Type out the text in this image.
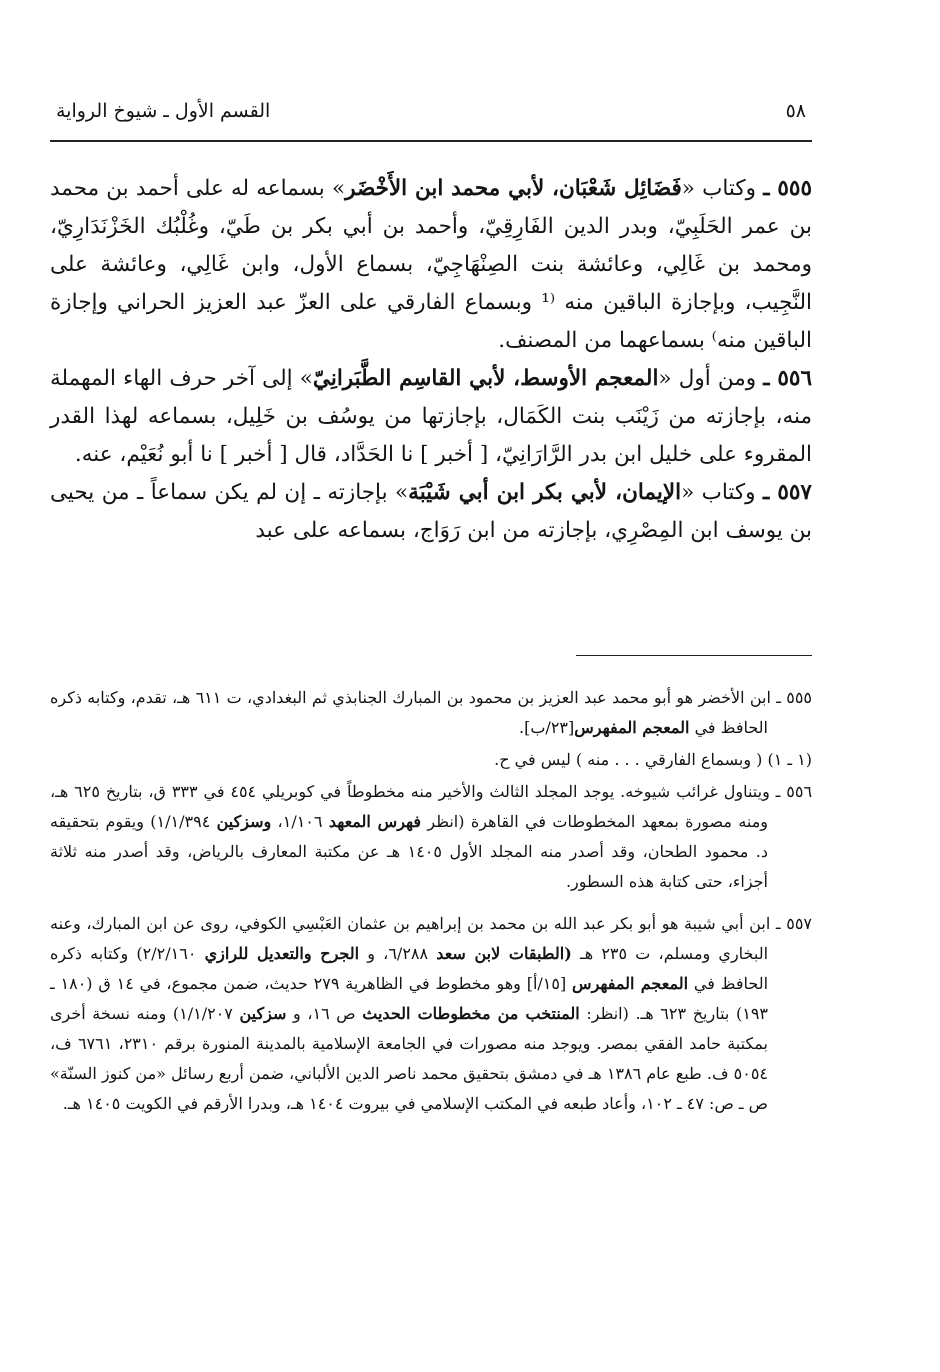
٥٨
القسم الأول ـ شيوخ الرواية

٥٥٥ ـ وكتاب «فَضَائِل شَعْبَان، لأبي محمد ابن الأَخْضَر» بسماعه له على أحمد بن محمد بن عمر الحَلَبِيّ، وبدر الدين الفَارِقِيّ، وأحمد بن أبي بكر بن طَيّ، وغُلْبُك الخَزْنَدَارِيّ، ومحمد بن غَالِي، وعائشة بنت الصِنْهَاجِيّ، بسماع الأول، وابن غَالِي، وعائشة على النَّجِيب، وبإجازة الباقين منه ⁽¹ وبسماع الفارقي على العزّ عبد العزيز الحراني وإجازة الباقين منه⁾ بسماعهما من المصنف.

٥٥٦ ـ ومن أول «المعجم الأوسط، لأبي القاسِم الطَّبَرانِيّ» إلى آخر حرف الهاء المهملة منه، بإجازته من زَيْنَب بنت الكَمَال، بإجازتها من يوسُف بن خَلِيل، بسماعه لهذا القدر المقروء على خليل ابن بدر الرَّارَانِيّ، [ أخبر ] نا الحَدَّاد، قال [ أخبر ] نا أبو نُعَيْم، عنه.

٥٥٧ ـ وكتاب «الإيمان، لأبي بكر ابن أبي شَيْبَة» بإجازته ـ إن لم يكن سماعاً ـ من يحيى بن يوسف ابن المِصْرِي، بإجازته من ابن رَوَاج، بسماعه على عبد

٥٥٥ ـ ابن الأخضر هو أبو محمد عبد العزيز بن محمود بن المبارك الجنابذي ثم البغدادي، ت ٦١١ هـ، تقدم، وكتابه ذكره الحافظ في المعجم المفهرس[٢٣/ب].

(١ ـ ١) ( وبسماع الفارقي . . . منه ) ليس في ح.

٥٥٦ ـ ويتناول غرائب شيوخه. يوجد المجلد الثالث والأخير منه مخطوطاً في كوبريلي ٤٥٤ في ٣٣٣ ق، بتاريخ ٦٢٥ هـ، ومنه مصورة بمعهد المخطوطات في القاهرة (انظر فهرس المعهد ١/١٠٦، وسزكين ١/١/٣٩٤) ويقوم بتحقيقه د. محمود الطحان، وقد أصدر منه المجلد الأول ١٤٠٥ هـ عن مكتبة المعارف بالرياض، وقد أصدر منه ثلاثة أجزاء، حتى كتابة هذه السطور.

٥٥٧ ـ ابن أبي شيبة هو أبو بكر عبد الله بن محمد بن إبراهيم بن عثمان العَبْسِي الكوفي، روى عن ابن المبارك، وعنه البخاري ومسلم، ت ٢٣٥ هـ (الطبقات لابن سعد ٦/٢٨٨، و الجرح والتعديل للرازي ٢/٢/١٦٠) وكتابه ذكره الحافظ في المعجم المفهرس [١٥/أ] وهو مخطوط في الظاهرية ٢٧٩ حديث، ضمن مجموع، في ١٤ ق (١٨٠ ـ ١٩٣) بتاريخ ٦٢٣ هـ. (انظر: المنتخب من مخطوطات الحديث ص ١٦، و سزكين ١/١/٢٠٧) ومنه نسخة أخرى بمكتبة حامد الفقي بمصر. ويوجد منه مصورات في الجامعة الإسلامية بالمدينة المنورة برقم ٢٣١٠، ٦٧٦١ ف، ٥٠٥٤ ف. طبع عام ١٣٨٦ هـ في دمشق بتحقيق محمد ناصر الدين الألباني، ضمن أربع رسائل «من كنوز السنّة» ص ـ ص: ٤٧ ـ ١٠٢، وأعاد طبعه في المكتب الإسلامي في بيروت ١٤٠٤ هـ، وبدرا الأرقم في الكويت ١٤٠٥ هـ.
